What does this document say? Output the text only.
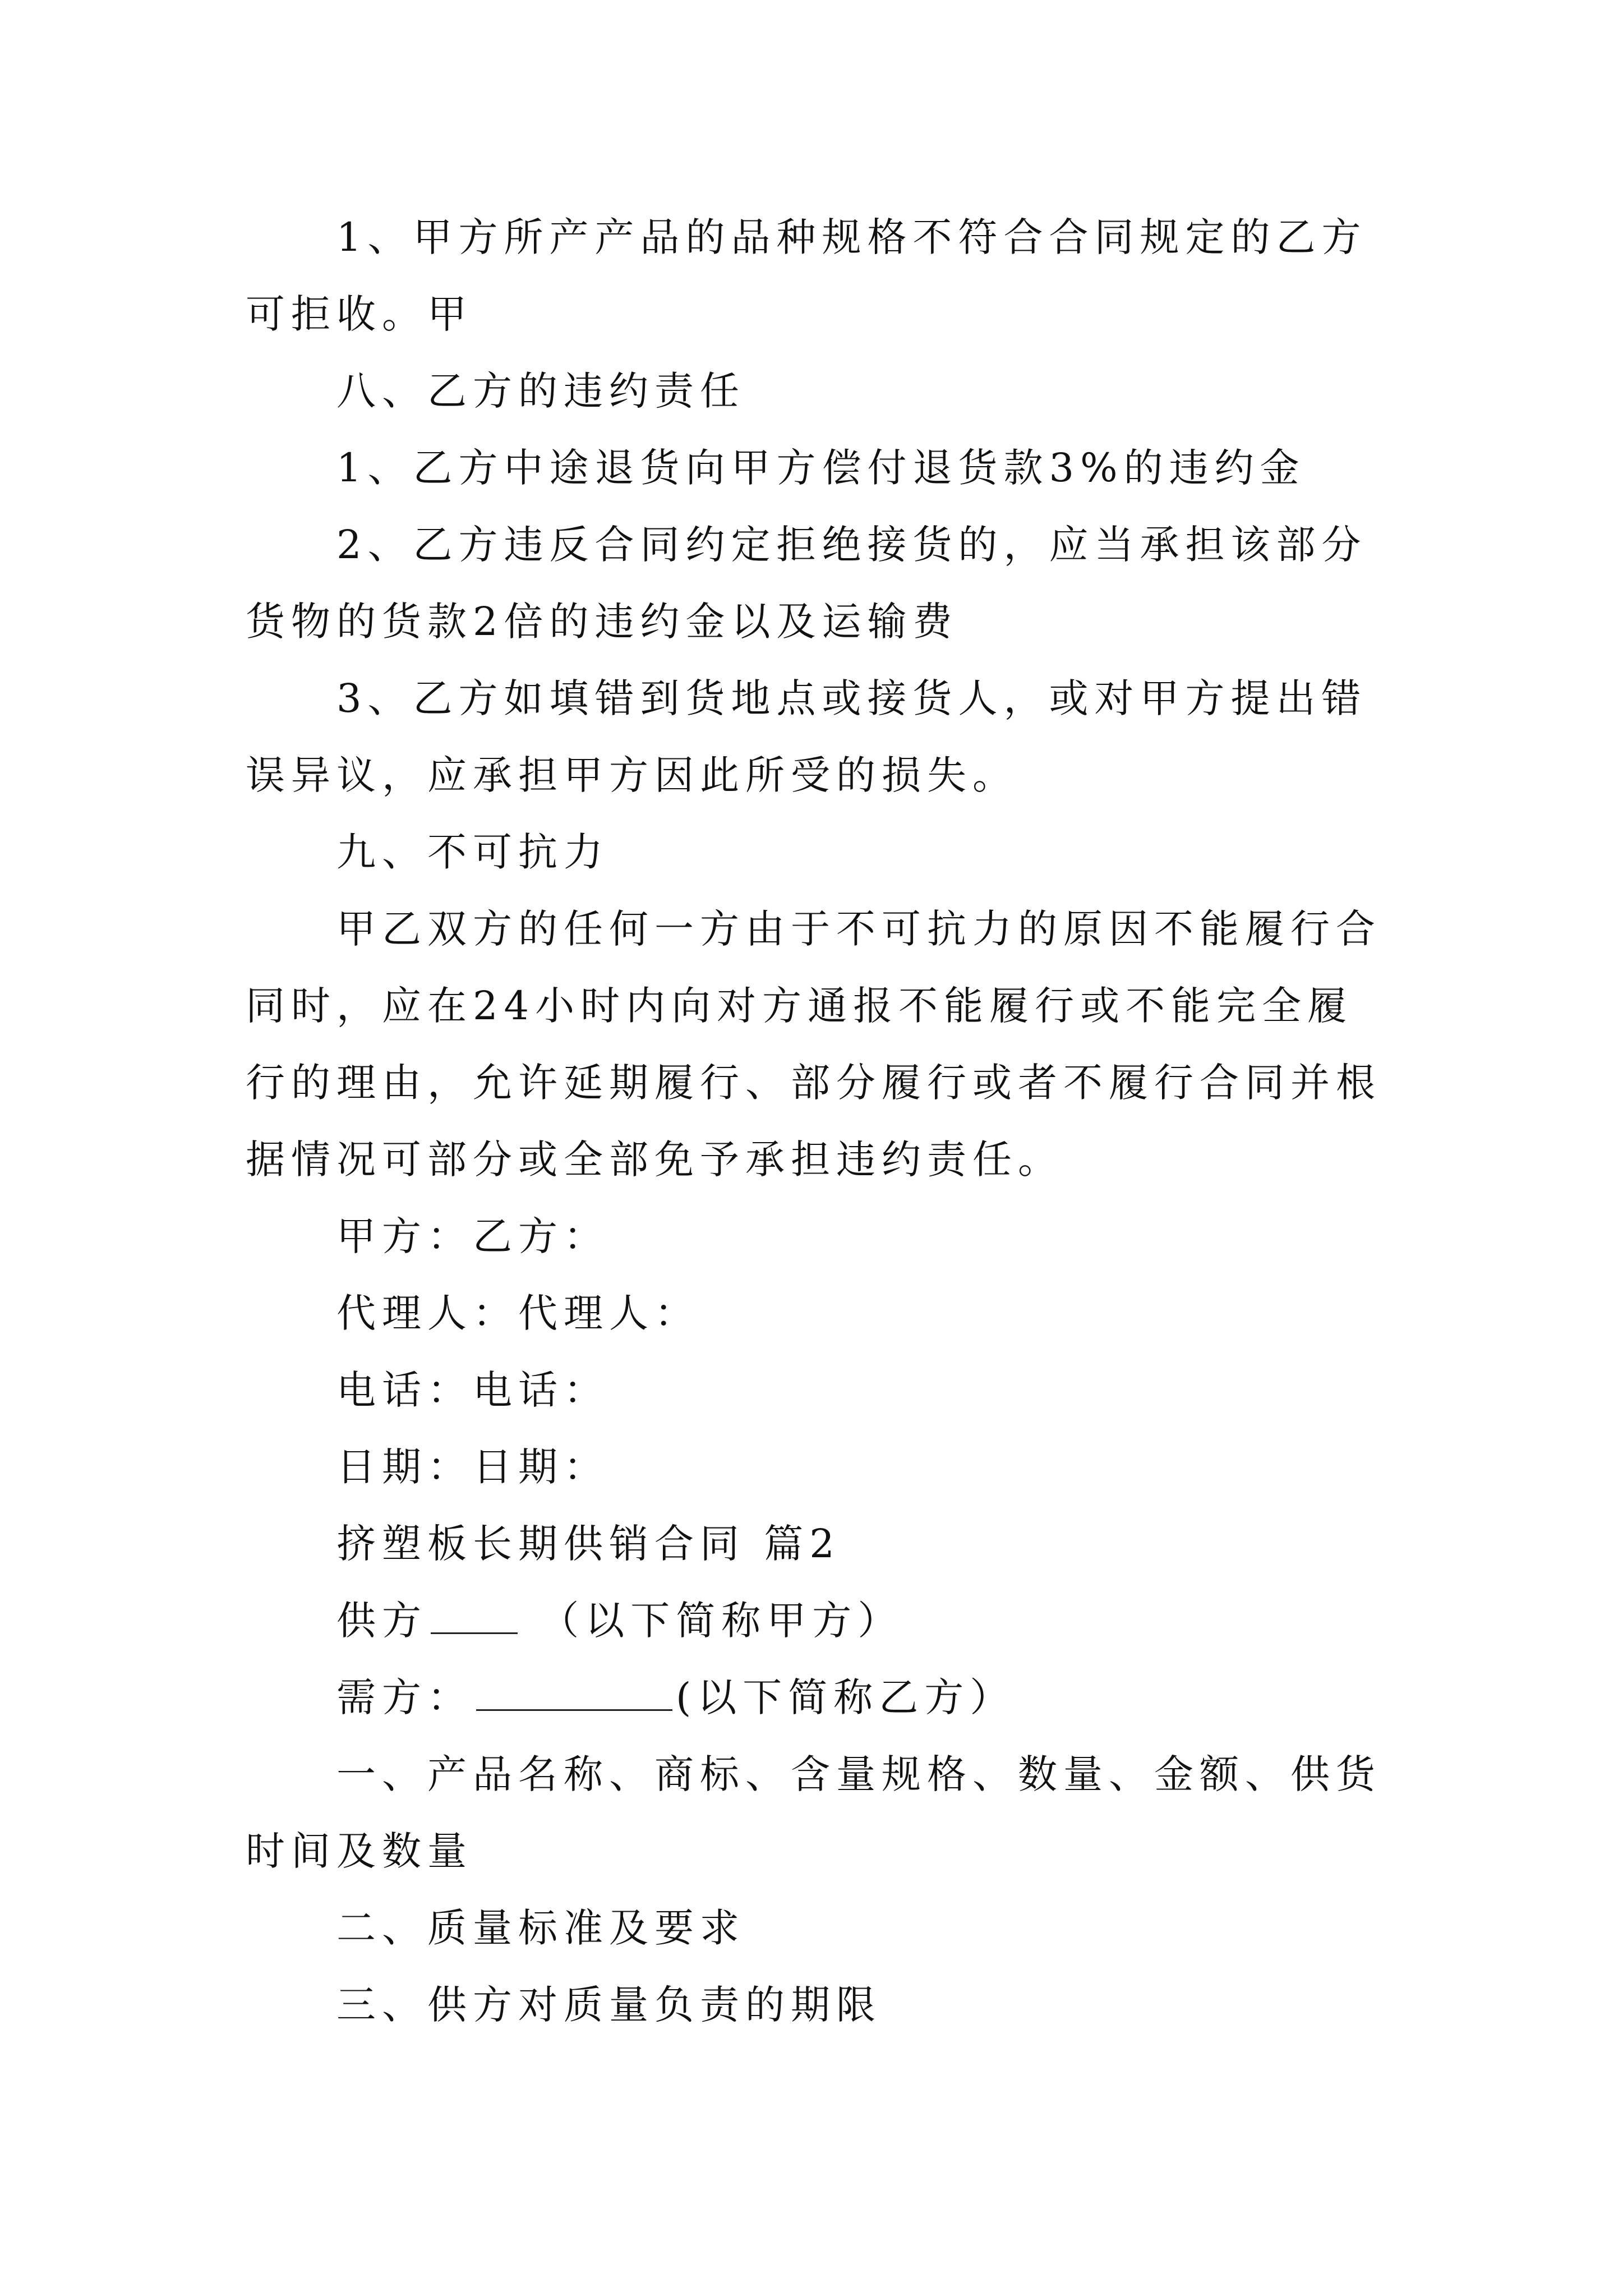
1、甲方所产产品的品种规格不符合合同规定的乙方可拒收。甲

八、乙方的违约责任

1、乙方中途退货向甲方偿付退货款3%的违约金

2、乙方违反合同约定拒绝接货的，应当承担该部分货物的货款2倍的违约金以及运输费

3、乙方如填错到货地点或接货人，或对甲方提出错误异议，应承担甲方因此所受的损失。

九、不可抗力

甲乙双方的任何一方由于不可抗力的原因不能履行合同时，应在24小时内向对方通报不能履行或不能完全履行的理由，允许延期履行、部分履行或者不履行合同并根据情况可部分或全部免予承担违约责任。

甲方：乙方：

代理人：代理人：

电话：电话：

日期：日期：

挤塑板长期供销合同 篇2

供方 （以下简称甲方）

需方：	(以下简称乙方）

一、产品名称、商标、含量规格、数量、金额、供货时间及数量

二、质量标准及要求

三、供方对质量负责的期限
